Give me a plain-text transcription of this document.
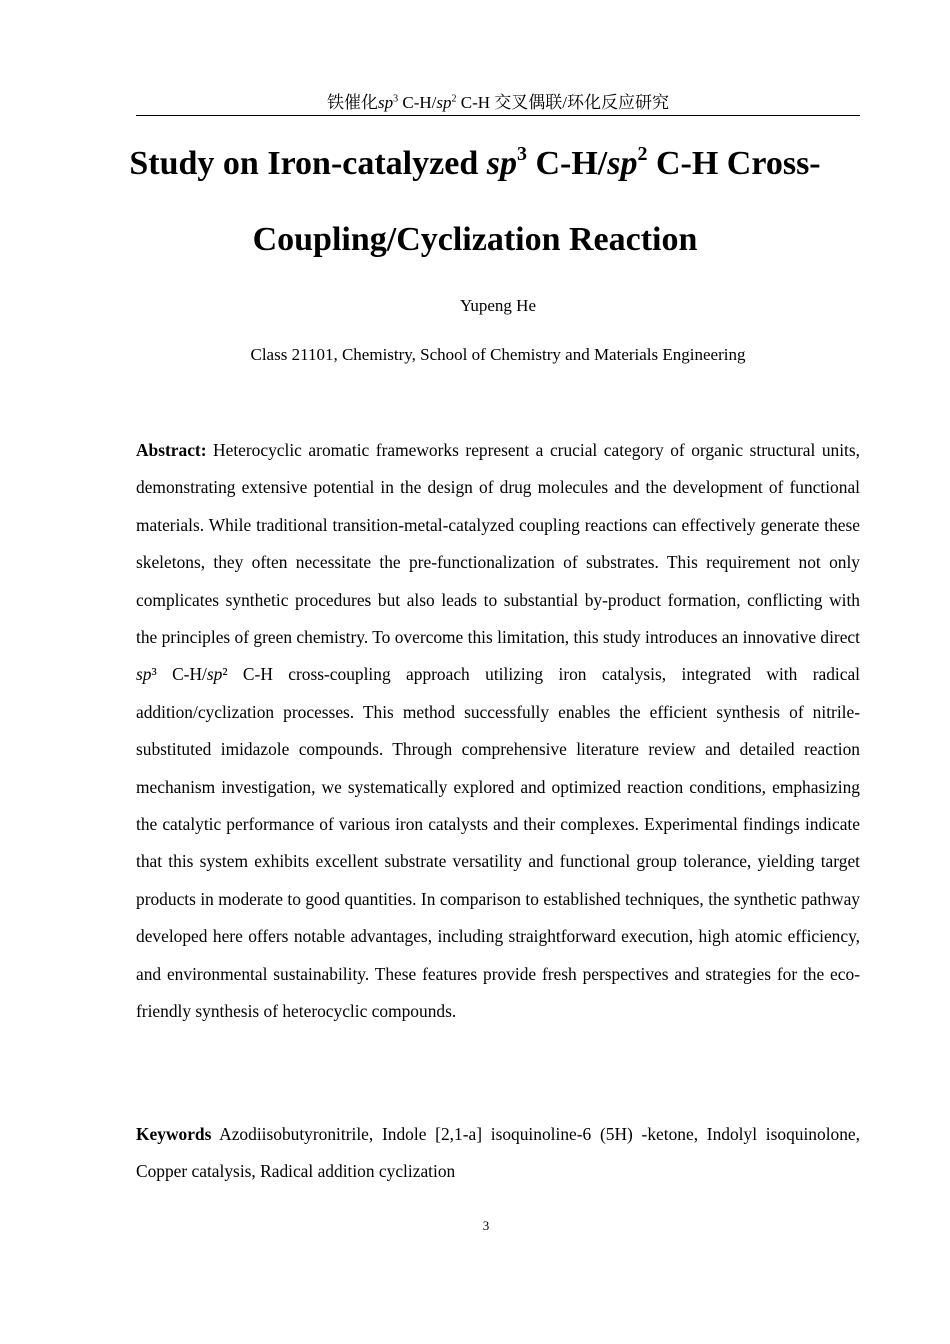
铁催化$sp^3$ $C-H/sp^2$ C-H 交叉偶联/环化反应研究
Study on Iron-catalyzed $sp^3$ $C-H/sp^2$ C-H Cross-Coupling/Cyclization Reaction
Yupeng He
Class 21101, Chemistry, School of Chemistry and Materials Engineering

Abstract: Heterocyclic aromatic frameworks represent a crucial category of organic structural units, demonstrating extensive potential in the design of drug molecules and the development of functional materials. While traditional transition-metal-catalyzed coupling reactions can effectively generate these skeletons, they often necessitate the pre-functionalization of substrates. This requirement not only complicates synthetic procedures but also leads to substantial by-product formation, conflicting with the principles of green chemistry. To overcome this limitation, this study introduces an innovative direct sp³ C-H/sp² C-H cross-coupling approach utilizing iron catalysis, integrated with radical addition/cyclization processes. This method successfully enables the efficient synthesis of nitrile-substituted imidazole compounds. Through comprehensive literature review and detailed reaction mechanism investigation, we systematically explored and optimized reaction conditions, emphasizing the catalytic performance of various iron catalysts and their complexes. Experimental findings indicate that this system exhibits excellent substrate versatility and functional group tolerance, yielding target products in moderate to good quantities. In comparison to established techniques, the synthetic pathway developed here offers notable advantages, including straightforward execution, high atomic efficiency, and environmental sustainability. These features provide fresh perspectives and strategies for the eco-friendly synthesis of heterocyclic compounds.

Keywords Azodiisobutyronitrile, Indole [2,1-a] isoquinoline-6 (5H) -ketone, Indolyl isoquinolone, Copper catalysis, Radical addition cyclization

3
